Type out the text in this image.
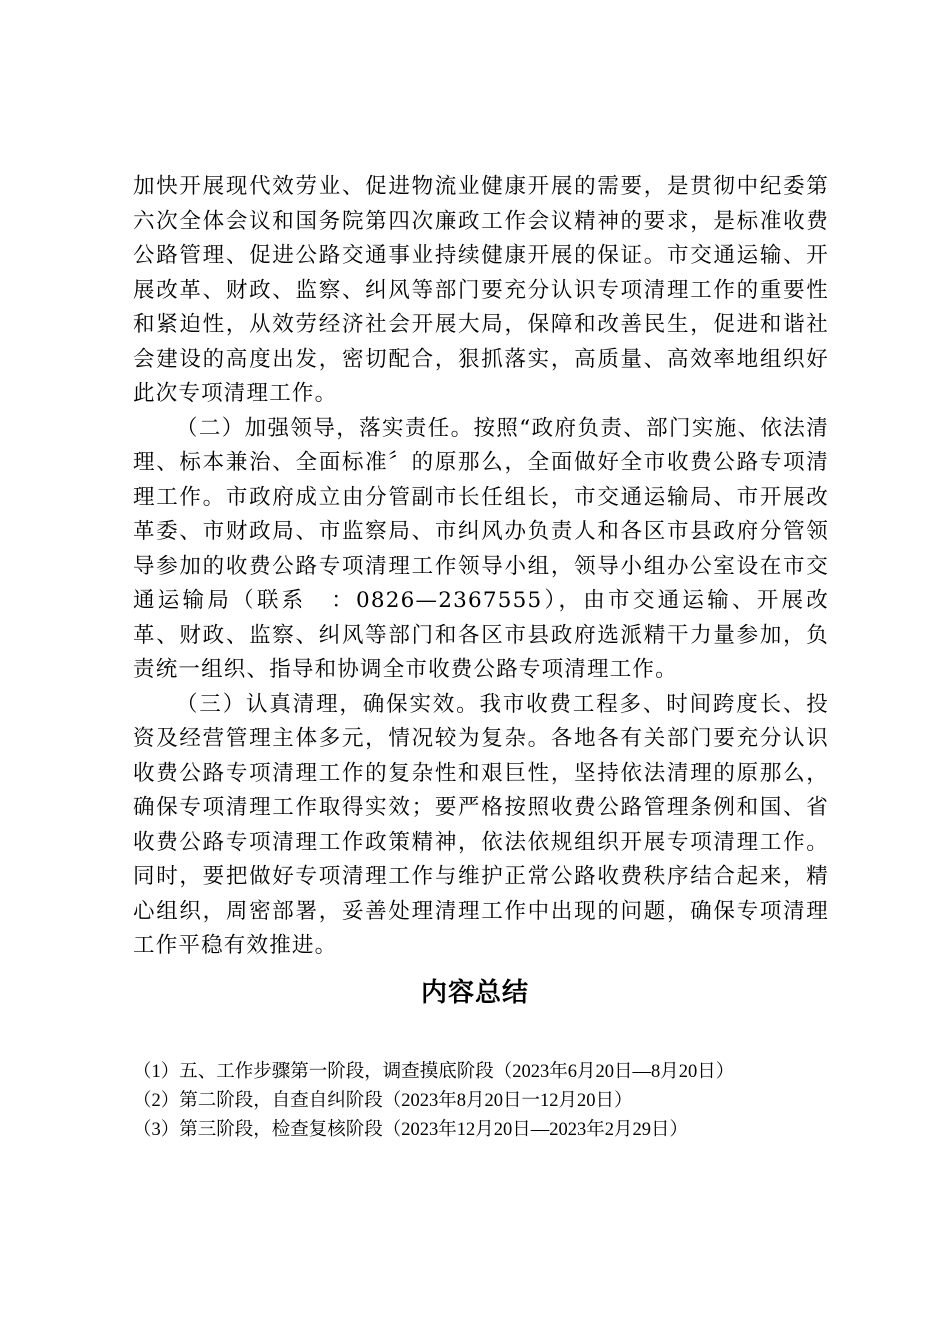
加快开展现代效劳业、促进物流业健康开展的需要，是贯彻中纪委第六次全体会议和国务院第四次廉政工作会议精神的要求，是标准收费公路管理、促进公路交通事业持续健康开展的保证。市交通运输、开展改革、财政、监察、纠风等部门要充分认识专项清理工作的重要性和紧迫性，从效劳经济社会开展大局，保障和改善民生，促进和谐社会建设的高度出发，密切配合，狠抓落实，高质量、高效率地组织好此次专项清理工作。

（二）加强领导，落实责任。按照“政府负责、部门实施、依法清理、标本兼治、全面标准〞的原那么，全面做好全市收费公路专项清理工作。市政府成立由分管副市长任组长，市交通运输局、市开展改革委、市财政局、市监察局、市纠风办负责人和各区市县政府分管领导参加的收费公路专项清理工作领导小组，领导小组办公室设在市交通运输局（联系　：0826—2367555），由市交通运输、开展改革、财政、监察、纠风等部门和各区市县政府选派精干力量参加，负责统一组织、指导和协调全市收费公路专项清理工作。

（三）认真清理，确保实效。我市收费工程多、时间跨度长、投资及经营管理主体多元，情况较为复杂。各地各有关部门要充分认识收费公路专项清理工作的复杂性和艰巨性，坚持依法清理的原那么，确保专项清理工作取得实效；要严格按照收费公路管理条例和国、省收费公路专项清理工作政策精神，依法依规组织开展专项清理工作。同时，要把做好专项清理工作与维护正常公路收费秩序结合起来，精心组织，周密部署，妥善处理清理工作中出现的问题，确保专项清理工作平稳有效推进。

内容总结
（1）五、工作步骤第一阶段，调查摸底阶段（2023年6月20日—8月20日）
（2）第二阶段，自查自纠阶段（2023年8月20日一12月20日）
（3）第三阶段，检查复核阶段（2023年12月20日—2023年2月29日）
